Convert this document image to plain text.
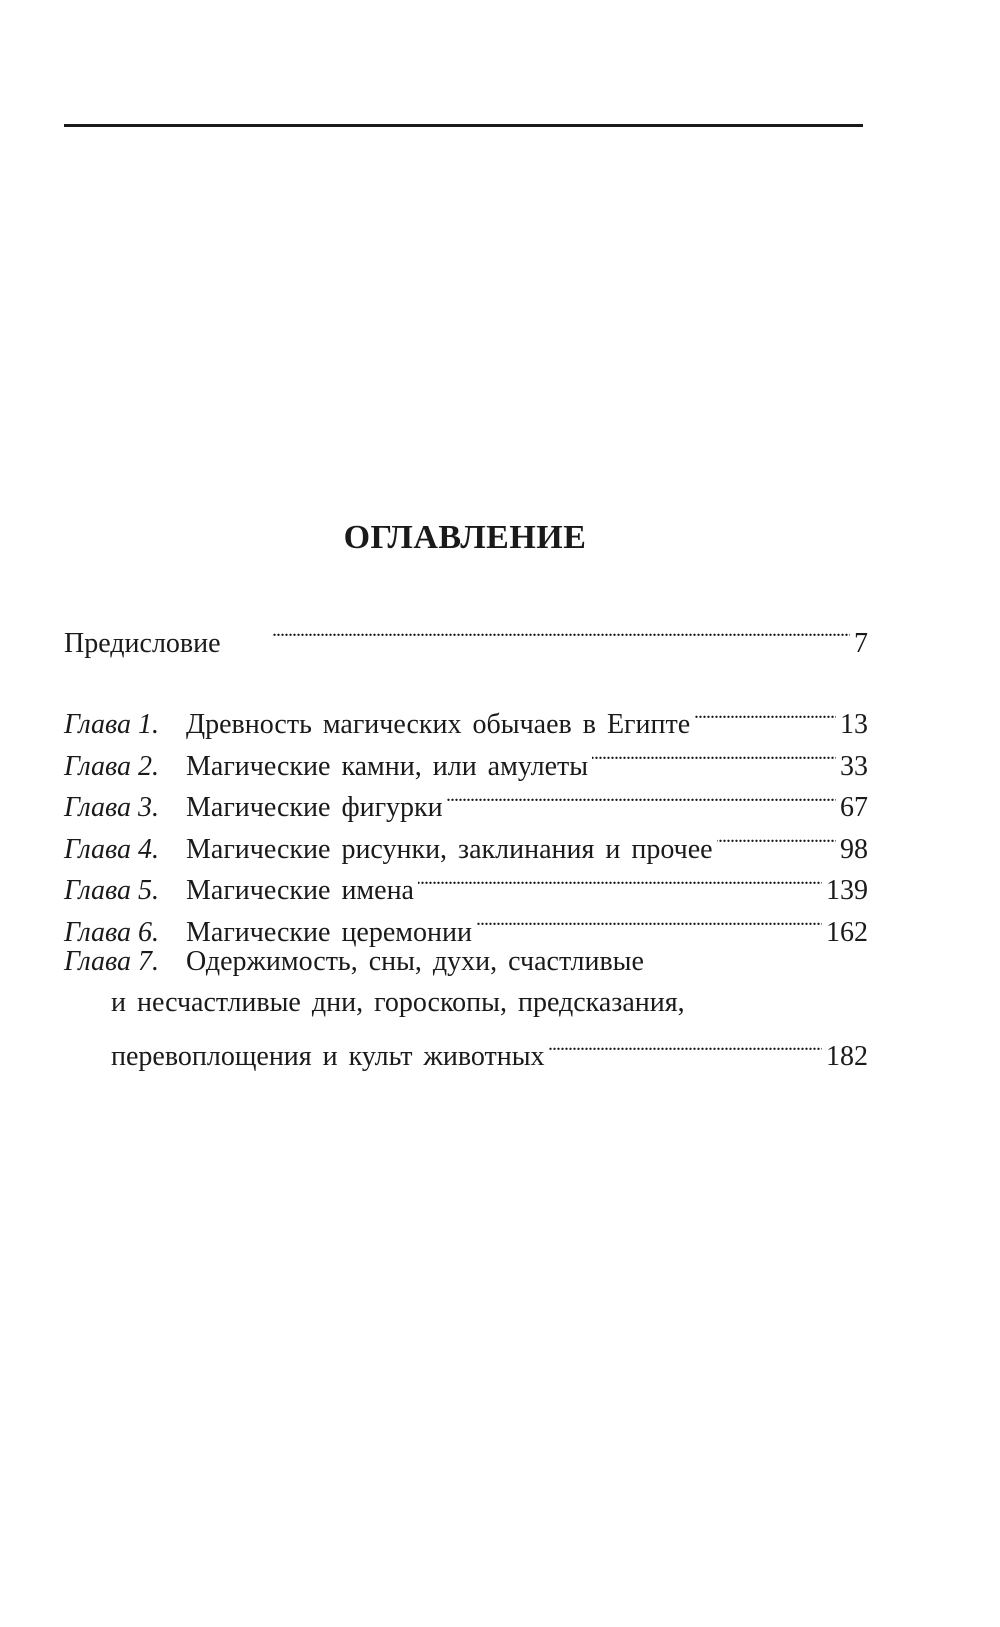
ОГЛАВЛЕНИЕ
Предисловие . . .	7
Глава 1. Древность магических обычаев в Египте . . .	13
Глава 2. Магические камни, или амулеты . . .	33
Глава 3. Магические фигурки . . .	67
Глава 4. Магические рисунки, заклинания и прочее . . .	98
Глава 5. Магические имена . . .	139
Глава 6. Магические церемонии . . .	162
Глава 7. Одержимость, сны, духи, счастливые
и несчастливые дни, гороскопы, предсказания,
перевоплощения и культ животных . . .	182
